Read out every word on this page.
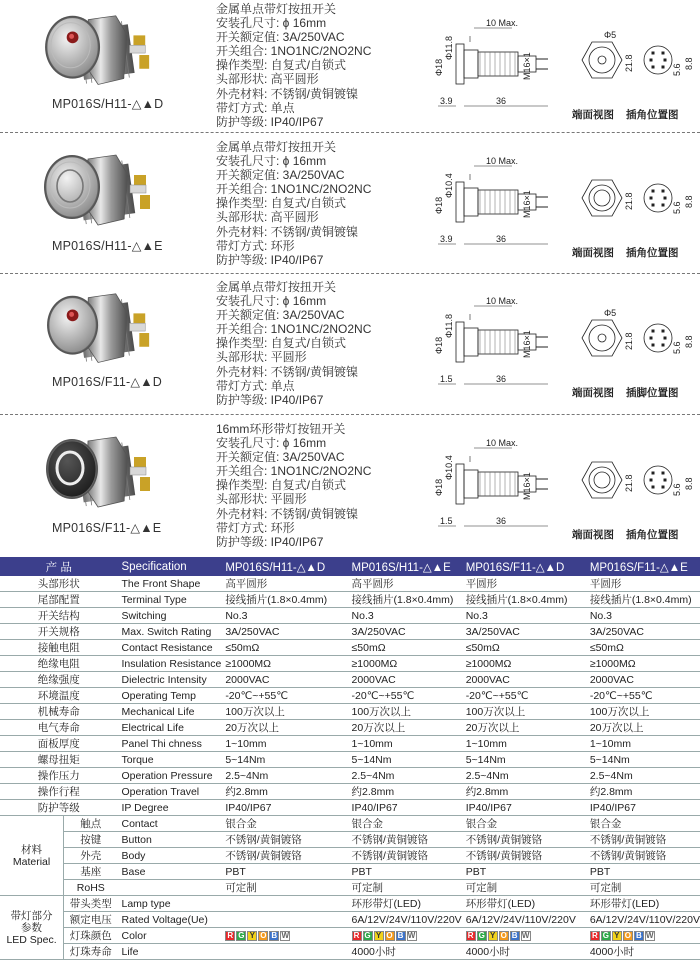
MP016S/H11-△▲D
金属单点带灯按扭开关
安装孔尺寸: ϕ 16mm
开关额定值: 3A/250VAC
开关组合: 1NO1NC/2NO2NC
操作类型: 自复式/自锁式
头部形状: 高平圆形
外壳材料: 不锈钢/黄铜镀镍
带灯方式: 单点
防护等级: IP40/IP67
10 Max.
Φ11.8
Φ18	M16×1
3.9	36
Φ5
21.8	5.6 8.8
端面视图 插角位置图
MP016S/H11-△▲E
金属单点带灯按扭开关
安装孔尺寸: ϕ 16mm
开关额定值: 3A/250VAC
开关组合: 1NO1NC/2NO2NC
操作类型: 自复式/自锁式
头部形状: 高平圆形
外壳材料: 不锈钢/黄铜镀镍
带灯方式: 环形
防护等级: IP40/IP67
10 Max.
Φ10.4
Φ18	M16×1
3.9	36
21.8	5.6 8.8
端面视图 插角位置图
MP016S/F11-△▲D
金属单点带灯按扭开关
安装孔尺寸: ϕ 16mm
开关额定值: 3A/250VAC
开关组合: 1NO1NC/2NO2NC
操作类型: 自复式/自锁式
头部形状: 平圆形
外壳材料: 不锈钢/黄铜镀镍
带灯方式: 单点
防护等级: IP40/IP67
10 Max.
Φ11.8
Φ18	M16×1
1.5	36
Φ5
21.8	5.6 8.8
端面视图 插脚位置图
MP016S/F11-△▲E
16mm环形带灯按钮开关
安装孔尺寸: ϕ 16mm
开关额定值: 3A/250VAC
开关组合: 1NO1NC/2NO2NC
操作类型: 自复式/自锁式
头部形状: 平圆形
外壳材料: 不锈钢/黄铜镀镍
带灯方式: 环形
防护等级: IP40/IP67
10 Max.
Φ10.4
Φ18	M16×1
1.5	36
21.8	5.6 8.8
端面视图 插角位置图
产 品		Specification	MP016S/H11-△▲D	MP016S/H11-△▲E	MP016S/F11-△▲D	MP016S/F11-△▲E
头部形状		The Front Shape	高平圆形	高平圆形	平圆形	平圆形
尾部配置		Terminal Type	接线插片(1.8×0.4mm)	接线插片(1.8×0.4mm)	接线插片(1.8×0.4mm)	接线插片(1.8×0.4mm)
开关结构		Switching	No.3	No.3	No.3	No.3
开关规格		Max. Switch Rating	3A/250VAC	3A/250VAC	3A/250VAC	3A/250VAC
接触电阻		Contact Resistance	≤50mΩ	≤50mΩ	≤50mΩ	≤50mΩ
绝缘电阻		Insulation Resistance	≥1000MΩ	≥1000MΩ	≥1000MΩ	≥1000MΩ
绝缘强度		Dielectric Intensity	2000VAC	2000VAC	2000VAC	2000VAC
环境温度		Operating Temp	-20℃~+55℃	-20℃~+55℃	-20℃~+55℃	-20℃~+55℃
机械寿命		Mechanical Life	100万次以上	100万次以上	100万次以上	100万次以上
电气寿命		Electrical Life	20万次以上	20万次以上	20万次以上	20万次以上
面板厚度		Panel Thi chness	1~10mm	1~10mm	1~10mm	1~10mm
螺母扭矩		Torque	5~14Nm	5~14Nm	5~14Nm	5~14Nm
操作压力		Operation Pressure	2.5~4Nm	2.5~4Nm	2.5~4Nm	2.5~4Nm
操作行程		Operation Travel	约2.8mm	约2.8mm	约2.8mm	约2.8mm
防护等级		IP Degree	IP40/IP67	IP40/IP67	IP40/IP67	IP40/IP67

材料
Material	触点	Contact	银合金	银合金	银合金	银合金
	按键	Button	不锈钢/黄铜镀铬	不锈钢/黄铜镀铬	不锈钢/黄铜镀铬	不锈钢/黄铜镀铬
	外壳	Body	不锈钢/黄铜镀铬	不锈钢/黄铜镀铬	不锈钢/黄铜镀铬	不锈钢/黄铜镀铬
	基座	Base	PBT	PBT	PBT	PBT
	RoHS		可定制	可定制	可定制	可定制

带灯部分
参数
LED Spec.	带头类型	Lamp type		环形带灯(LED)	环形带灯(LED)	环形带灯(LED)
	额定电压	Rated Voltage(Ue)		6A/12V/24V/110V/220V	6A/12V/24V/110V/220V	6A/12V/24V/110V/220V
	灯珠颜色	Color	R G Y O B W	R G Y O B W	R G Y O B W	R G Y O B W
	灯珠寿命	Life		4000小时	4000小时	4000小时
